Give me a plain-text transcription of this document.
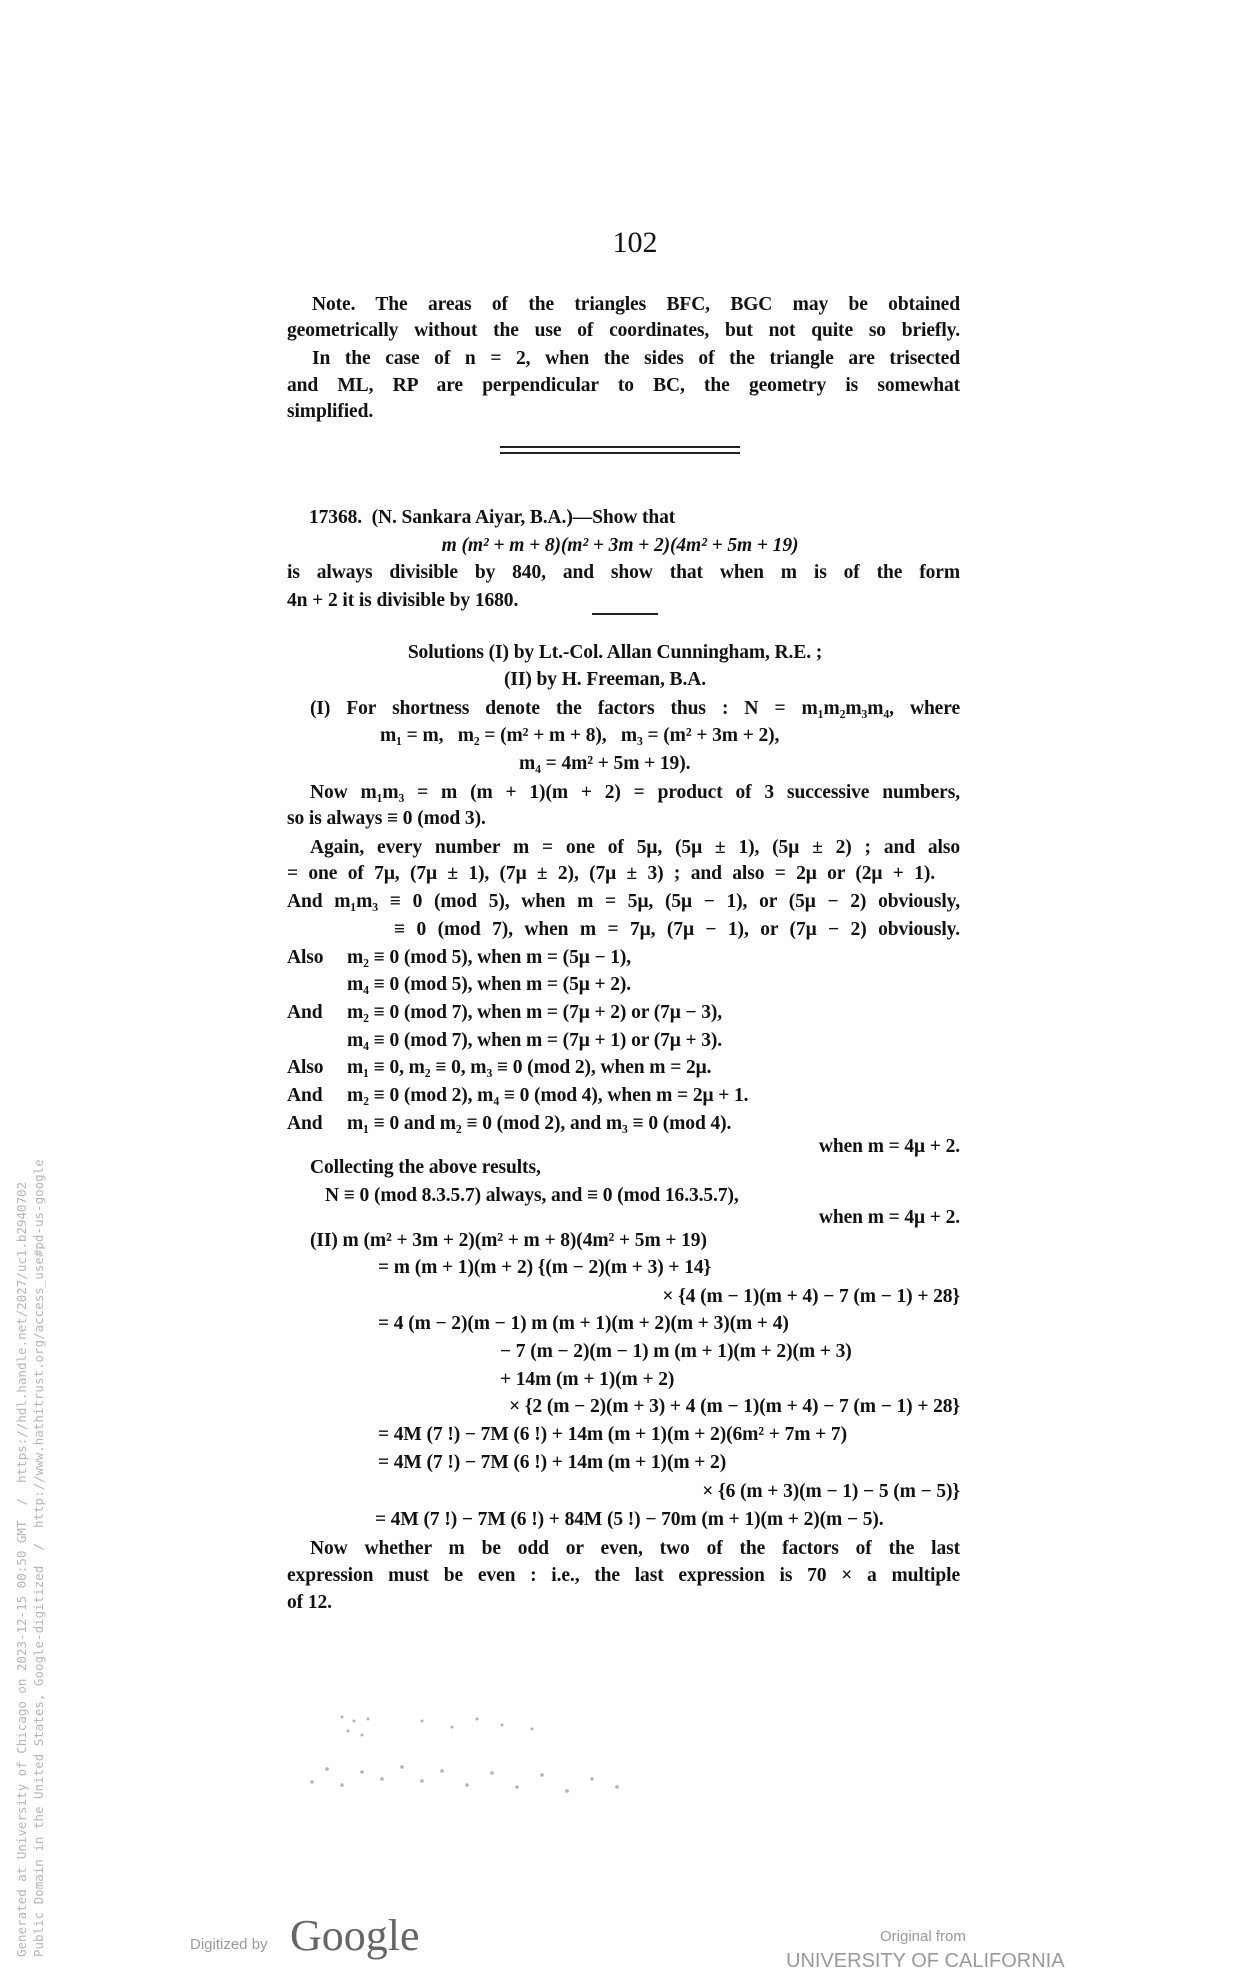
102
Note. The areas of the triangles BFC, BGC may be obtained
geometrically without the use of coordinates, but not quite so briefly.
In the case of n = 2, when the sides of the triangle are trisected
and ML, RP are perpendicular to BC, the geometry is somewhat
simplified.
17368. (N. Sankara Aiyar, B.A.)—Show that
m (m² + m + 8)(m² + 3m + 2)(4m² + 5m + 19)
is always divisible by 840, and show that when m is of the form
4n + 2 it is divisible by 1680.
Solutions (I) by Lt.-Col. Allan Cunningham, R.E. ;
(II) by H. Freeman, B.A.
(I) For shortness denote the factors thus : N = m₁m₂m₃m₄, where
m₁ = m,   m₂ = (m² + m + 8),   m₃ = (m² + 3m + 2),
m₄ = 4m² + 5m + 19).
Now m₁m₃ = m (m + 1)(m + 2) = product of 3 successive numbers,
so is always ≡ 0 (mod 3).
Again, every number m = one of 5μ, (5μ ± 1), (5μ ± 2) ; and also
= one of 7μ, (7μ ± 1), (7μ ± 2), (7μ ± 3) ; and also = 2μ or (2μ + 1).
And m₁m₃ ≡ 0 (mod 5), when m = 5μ, (5μ − 1), or (5μ − 2) obviously,
≡ 0 (mod 7), when m = 7μ, (7μ − 1), or (7μ − 2) obviously.
Also m₂ ≡ 0 (mod 5), when m = (5μ − 1),
m₄ ≡ 0 (mod 5), when m = (5μ + 2).
And m₂ ≡ 0 (mod 7), when m = (7μ + 2) or (7μ − 3),
m₄ ≡ 0 (mod 7), when m = (7μ + 1) or (7μ + 3).
Also m₁ ≡ 0, m₂ ≡ 0, m₃ ≡ 0 (mod 2), when m = 2μ.
And m₂ ≡ 0 (mod 2), m₄ ≡ 0 (mod 4), when m = 2μ + 1.
And m₁ ≡ 0 and m₂ ≡ 0 (mod 2), and m₃ ≡ 0 (mod 4).
when m = 4μ + 2.
Collecting the above results,
N ≡ 0 (mod 8.3.5.7) always, and ≡ 0 (mod 16.3.5.7),
when m = 4μ + 2.
(II) m (m² + 3m + 2)(m² + m + 8)(4m² + 5m + 19)
= m (m + 1)(m + 2) {(m − 2)(m + 3) + 14}
× {4 (m − 1)(m + 4) − 7 (m − 1) + 28}
= 4 (m − 2)(m − 1) m (m + 1)(m + 2)(m + 3)(m + 4)
− 7 (m − 2)(m − 1) m (m + 1)(m + 2)(m + 3)
+ 14m (m + 1)(m + 2)
× {2 (m − 2)(m + 3) + 4 (m − 1)(m + 4) − 7 (m − 1) + 28}
= 4M (7 !) − 7M (6 !) + 14m (m + 1)(m + 2)(6m² + 7m + 7)
= 4M (7 !) − 7M (6 !) + 14m (m + 1)(m + 2)
× {6 (m + 3)(m − 1) − 5 (m − 5)}
= 4M (7 !) − 7M (6 !) + 84M (5 !) − 70m (m + 1)(m + 2)(m − 5).
Now whether m be odd or even, two of the factors of the last
expression must be even : i.e., the last expression is 70 × a multiple
of 12.
Generated at University of Chicago on 2023-12-15 00:50 GMT  /  https://hdl.handle.net/2027/uc1.b2940702 Public Domain in the United States, Google-digitized  /  http://www.hathitrust.org/access_use#pd-us-google	Digitized by Google	Original from
UNIVERSITY OF CALIFORNIA
